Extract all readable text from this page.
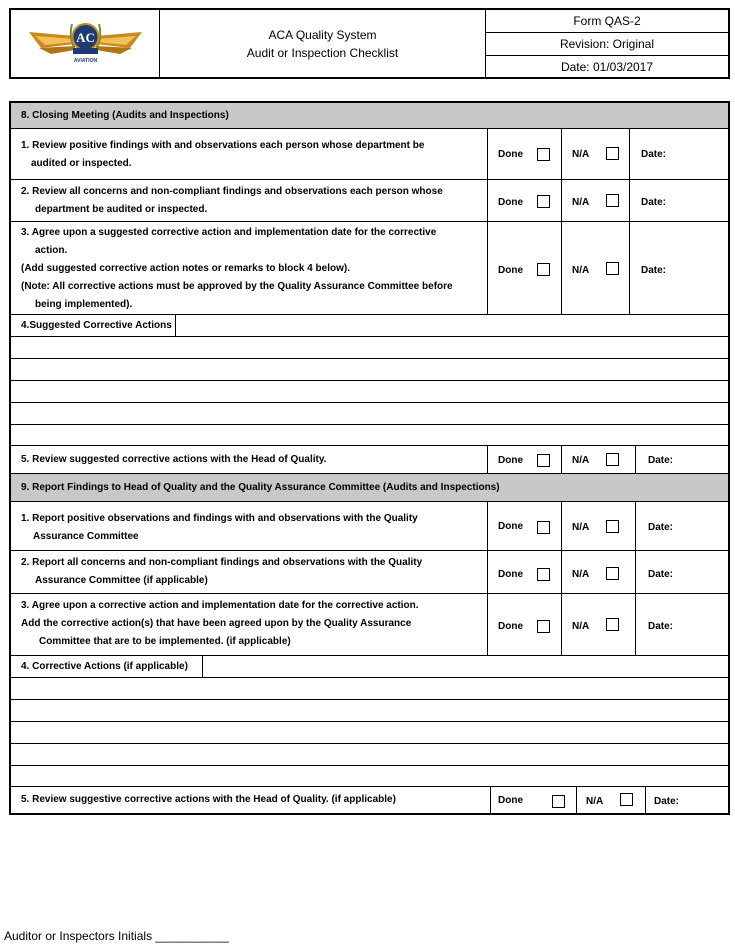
AC
AVIATION
ACA Quality System
Audit or Inspection Checklist
Form QAS-2
Revision: Original
Date: 01/03/2017
8. Closing Meeting (Audits and Inspections)
1. Review positive findings with and observations each person whose department be
audited or inspected.
Done	N/A	Date:
2. Review all concerns and non-compliant findings and observations each person whose
department be audited or inspected.
Done	N/A	Date:
3. Agree upon a suggested corrective action and implementation date for the corrective
action.
(Add suggested corrective action notes or remarks to block 4 below).
(Note: All corrective actions must be approved by the Quality Assurance Committee before
being implemented).
Done	N/A	Date:
4.Suggested Corrective Actions
5. Review suggested corrective actions with the Head of Quality.	Done	N/A	Date:
9. Report Findings to Head of Quality and the Quality Assurance Committee (Audits and Inspections)
1. Report positive observations and findings with and observations with the Quality
Assurance Committee
Done	N/A	Date:
2. Report all concerns and non-compliant findings and observations with the Quality
Assurance Committee (if applicable)
Done	N/A	Date:
3. Agree upon a corrective action and implementation date for the corrective action.
Add the corrective action(s) that have been agreed upon by the Quality Assurance
Committee that are to be implemented. (if applicable)
Done	N/A	Date:
4. Corrective Actions (if applicable)
5. Review suggestive corrective actions with the Head of Quality. (if applicable)	Done	N/A	Date:
Auditor or Inspectors Initials ___________
